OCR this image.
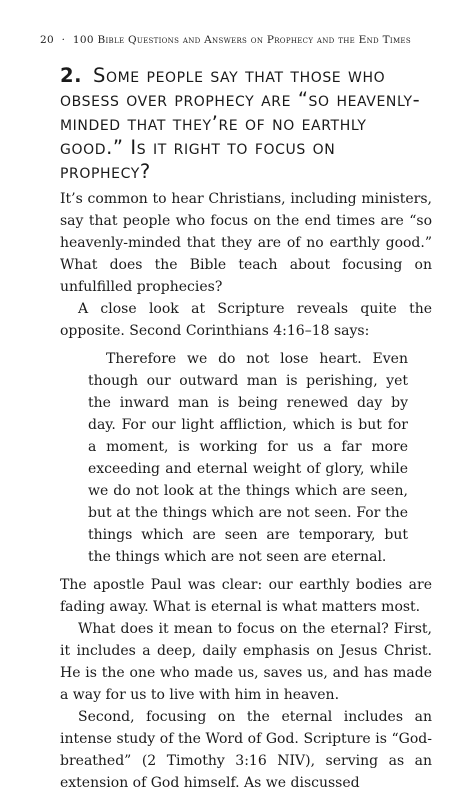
20 · 100 Bible Questions and Answers on Prophecy and the End Times
2. Some people say that those who obsess over prophecy are “so heavenly-minded that they’re of no earthly good.” Is it right to focus on prophecy?

It’s common to hear Christians, including ministers, say that people who focus on the end times are “so heavenly-minded that they are of no earthly good.” What does the Bible teach about focusing on unfulfilled prophecies?

A close look at Scripture reveals quite the opposite. Second Corinthians 4:16–18 says:

Therefore we do not lose heart. Even though our outward man is perishing, yet the inward man is being renewed day by day. For our light affliction, which is but for a moment, is working for us a far more exceeding and eternal weight of glory, while we do not look at the things which are seen, but at the things which are not seen. For the things which are seen are temporary, but the things which are not seen are eternal.

The apostle Paul was clear: our earthly bodies are fading away. What is eternal is what matters most.

What does it mean to focus on the eternal? First, it includes a deep, daily emphasis on Jesus Christ. He is the one who made us, saves us, and has made a way for us to live with him in heaven.

Second, focusing on the eternal includes an intense study of the Word of God. Scripture is “God-breathed” (2 Timothy 3:16 NIV), serving as an extension of God himself. As we discussed
